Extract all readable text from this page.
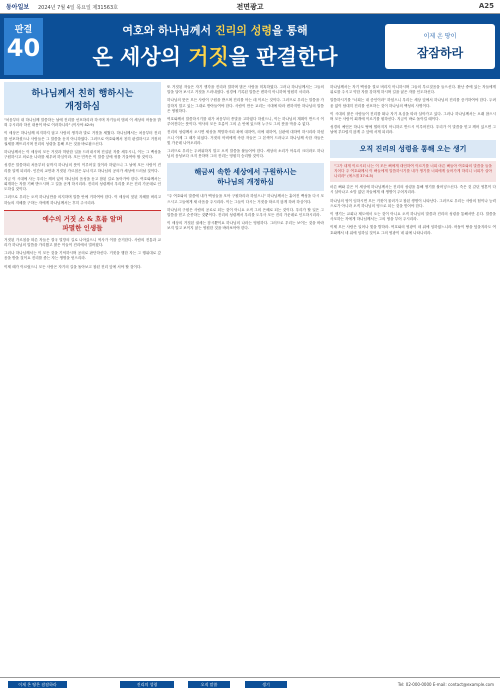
동아일보 2024년 7월 4일 목요일 제31563호	전면광고	A25
판결
40
여호와 하나님께서 진리의 성령을 통해
온 세상의 거짓을 판결한다
이제 온 땅이
잠잠하라
하나님께서 친히 행하시는
개정하심

"처음부터 내 하나님께 말씀하는 날에 진리를 선포하리라 하시며 자기들의 범죄 이 세상의 어둠을 밝혀 주시리라 하신 내용이 바로 이러하니라" (이사야 42:9)

이 세상은 하나님께 의지하지 않고 사람의 생각과 말로 거짓을 세웠다. 하나님께서는 처음부터 진리를 선포하셨으나 사람들은 그 말씀을 듣지 아니하였다. 그러므로 여호와께서 친히 판결하시고 거짓의 권세를 깨뜨리시며 진리의 성령을 통해 모든 것을 바로잡으신다.

하나님께서는 이 세상의 모든 거짓과 허탄한 일을 드러내시며 진실된 자를 세우시니, 이는 그 백성을 구원하시고 의로운 나라를 세우려 하심이라. 모든 민족은 이 말씀 앞에 귀를 기울여야 할 것이다.

성경은 말씀하되 처음부터 끝까지 하나님의 뜻이 이루어질 것이라 하였으니 그 날에 모든 사람이 진리를 알게 되리라. 인간의 교만과 거짓된 가르침은 무너지고 하나님의 공의가 세상에 드러날 것이다.

지금 이 시대에 사는 우리는 깨어 있어 하나님의 음성을 듣고 참된 길로 돌아가야 한다. 여호와께서는 회개하는 자를 기뻐 받으시며 그 길을 곧게 하시리라. 진리의 성령께서 우리를 모든 진리 가운데로 인도하실 것이다.

그러므로 우리는 오직 하나님만을 의지하며 말씀 안에 거하여야 한다. 이 세상의 헛된 지혜를 버리고 하늘의 지혜를 구하는 자에게 하나님께서는 후히 주시리라.

예수의 거짓 소 & 흐름 알며
파멸한 인생들

거짓된 가르침을 따른 자들은 결국 멸망의 길로 나아갔으니 역사가 이를 증거한다. 사람의 전통과 교리가 하나님의 말씀을 가리웠고 많은 이들이 진리에서 멀어졌다.

그러나 하나님께서는 이 모든 것을 기억하시며 공의로 판단하신다. 거짓을 행한 자는 그 행위대로 갚음을 받을 것이요 진리를 좇는 자는 생명을 얻으리라.

이제 때가 이르렀으니 모든 사람은 자기의 길을 돌아보고 참된 진리 앞에 서야 할 것이다.

또 거짓된 자들은 자기 생각을 진리라 말하며 많은 사람을 미혹하였다. 그러나 하나님께서는 그들의 말을 달아 보시고 거짓을 드러내셨다. 성경에 기록된 말씀은 변하지 아니하며 영원히 서리라.

하나님의 뜻은 모든 사람이 구원을 받으며 진리를 아는 데 이르는 것이다. 그러므로 우리는 말씀을 가감하지 말고 있는 그대로 받아들여야 한다. 사람이 만든 교리는 시대에 따라 변하지만 하나님의 말씀은 영원하다.

여호와께서 말씀하시기를 내가 처음부터 종말을 고하였다 하셨으니, 이는 하나님의 계획이 반드시 이루어진다는 뜻이다. 역사의 모든 흐름이 그의 손 안에 있으며 누구도 그의 뜻을 막을 수 없다.

진리의 성령께서 오시면 세상을 책망하시되 죄에 대하여, 의에 대하여, 심판에 대하여 하시리라 하셨으니 이제 그 때가 되었다. 거짓의 아비에게 속한 자들은 그 본색이 드러나고 하나님께 속한 자들은 빛 가운데 나아오리라.

그러므로 우리는 두려워하지 말고 오직 말씀을 붙들어야 한다. 세상의 소리가 아무리 크더라도 하나님의 음성보다 크지 못하며 그의 진리는 영원히 승리할 것이다.

해금씨 속한 세상에서 구원하시는
하나님의 개정하심

"주 여호와의 말씀에 내가 백성들을 모아 구원하리라 하셨으니" 하나님께서는 흩어진 백성을 다시 모으시고 그들에게 새 마음을 주시리라. 이는 그들이 다시는 거짓을 따르지 않게 하려 하심이다.

하나님의 구원은 사람의 공로로 되는 것이 아니요 오직 그의 은혜로 되는 것이다. 우리가 할 일은 그 말씀을 믿고 순종하는 것뿐이다. 진리의 성령께서 우리를 도우사 모든 진리 가운데로 인도하시리라.

이 세상의 거짓된 권세는 잠시뿐이요 하나님의 나라는 영원하다. 그러므로 우리는 보이는 것을 바라보지 말고 보이지 않는 영원한 것을 바라보아야 한다.

하나님께서는 자기 백성을 결코 버리지 아니하시며 그들의 부르짖음을 들으신다. 환난 중에 있는 자들에게 위로를 주시고 약한 자를 강하게 하시며 길을 잃은 자를 인도하신다.

말씀하시기를 "너희는 내 증인이라" 하셨으니 우리는 세상 앞에서 하나님의 진리를 증거하여야 한다. 두려움 없이 담대히 진리를 선포하는 것이 하나님의 백성의 사명이다.

이 시대의 많은 사람들이 진리를 떠나 자기 욕심을 따라 살아가고 있다. 그러나 하나님께서는 오래 참으시며 모든 사람이 회개에 이르기를 원하신다. 지금이 바로 돌이킬 때이다.

성경의 예언은 하나도 땅에 떨어지지 아니하고 반드시 이루어진다. 우리가 이 말씀을 믿고 깨어 있으면 그 날에 부끄럽지 않게 주 앞에 서게 되리라.

오직 진리의 성령을 통해 오는 생기
"그가 내게 이르시되 너는 이 모든 뼈에게 대언하여 이르기를 너희 마른 뼈들아 여호와의 말씀을 들을지어다 주 여호와께서 이 뼈들에게 말씀하시기를 내가 생기를 너희에게 들어가게 하리니 너희가 살아나리라" (에스겔 37:4-5)

마른 뼈와 같은 이 세상에 하나님께서는 진리의 성령을 통해 생기를 불어넣으신다. 죽은 것 같던 영혼이 다시 살아나고 소망 없던 자들에게 새 생명이 주어지리라.

하나님의 영이 임하시면 모든 거짓이 물러가고 참된 생명이 나타난다. 그러므로 우리는 사람의 힘이나 능력으로가 아니라 오직 하나님의 영으로 되는 것을 믿어야 한다.

이 생기는 교회나 제도에서 오는 것이 아니요 오직 하나님의 말씀과 진리의 성령을 통해서만 온다. 말씀을 사모하는 자에게 하나님께서는 그의 영을 부어 주시리라.

이제 모든 사람은 일어나 빛을 발하라. 여호와의 영광이 네 위에 임하였느니라. 어둠이 땅을 덮을지라도 여호와께서 네 위에 임하실 것이요 그의 영광이 네 위에 나타나리라.

이제 온 땅은 잠잠하라	진리의 성령	오직 말씀	생기	Tel: 02-000-0000 E-mail: contact@example.com
